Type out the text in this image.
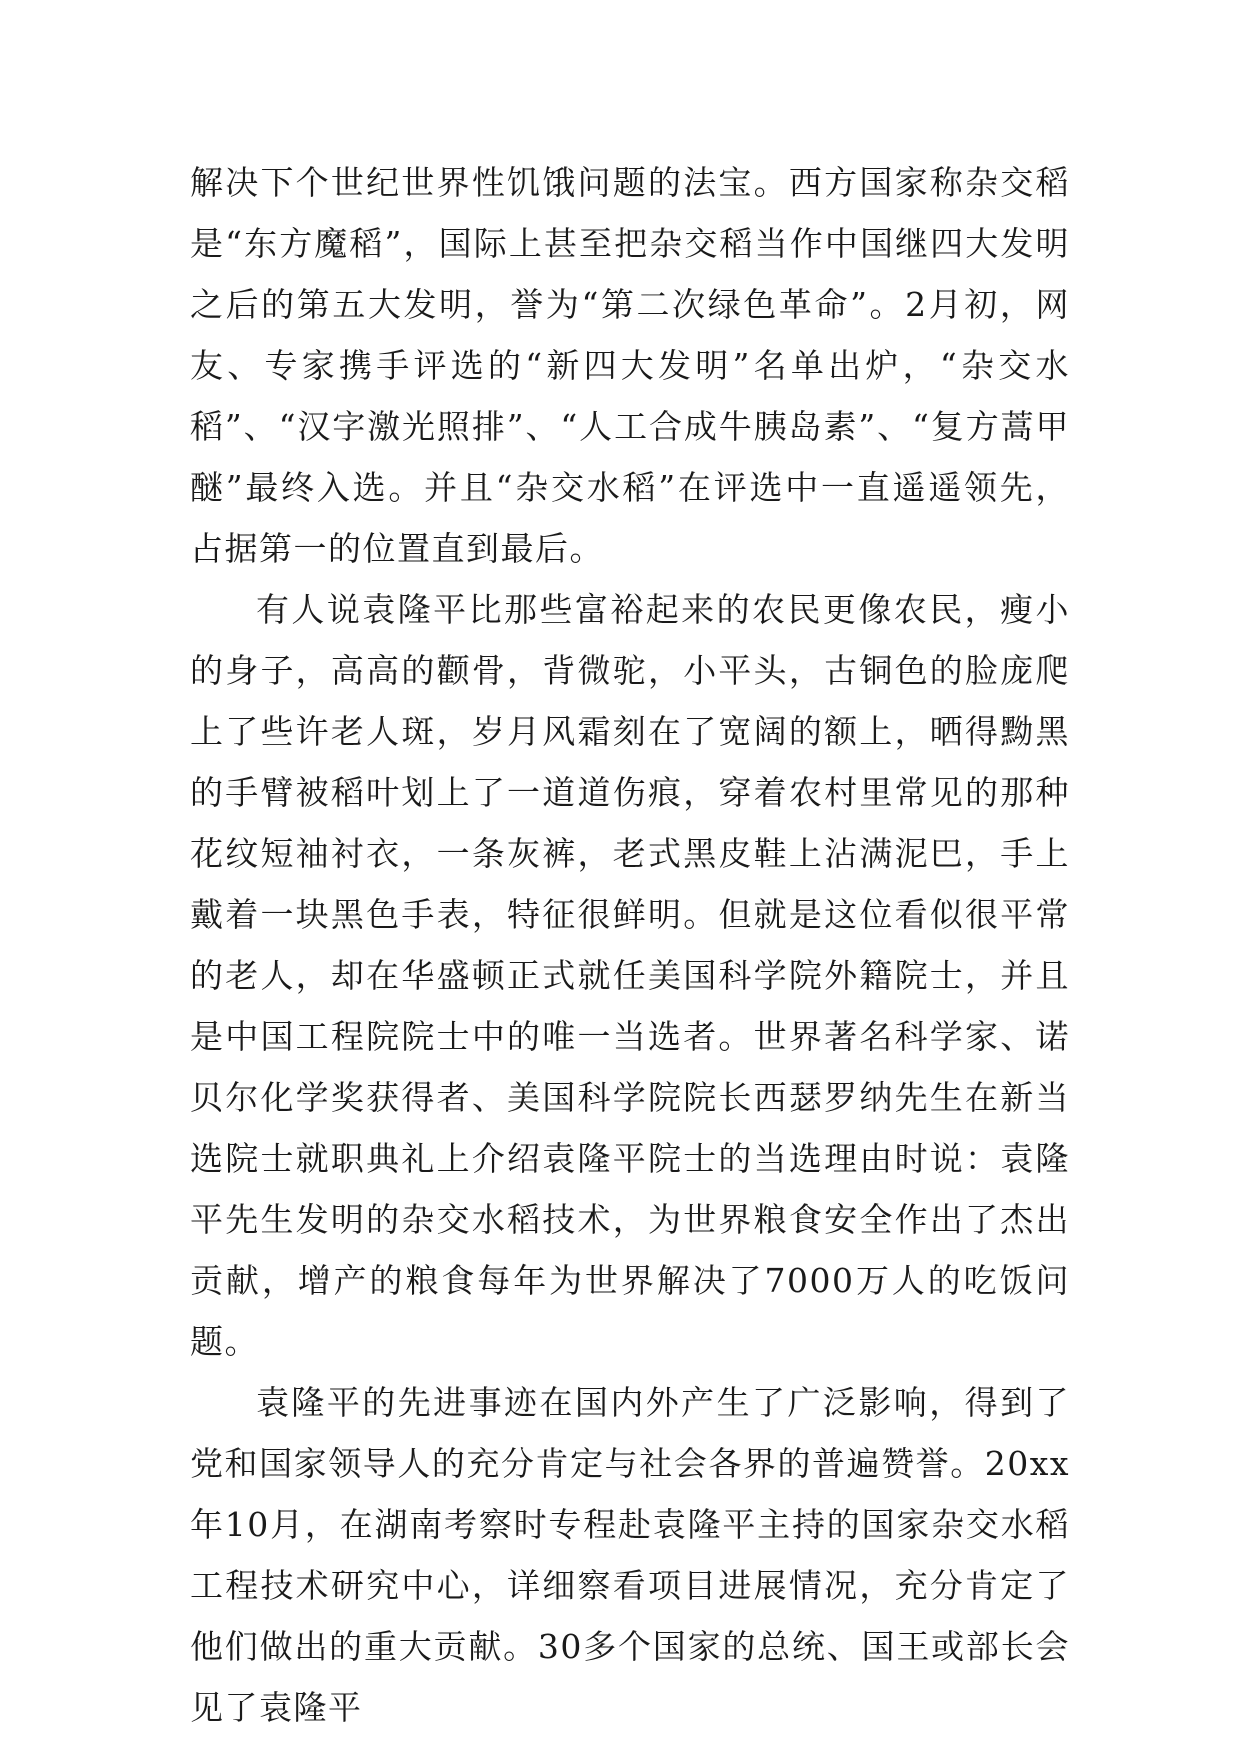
解决下个世纪世界性饥饿问题的法宝。西方国家称杂交稻是“东方魔稻”，国际上甚至把杂交稻当作中国继四大发明之后的第五大发明，誉为“第二次绿色革命”。2月初，网友、专家携手评选的“新四大发明”名单出炉，“杂交水稻”、“汉字激光照排”、“人工合成牛胰岛素”、“复方蒿甲醚”最终入选。并且“杂交水稻”在评选中一直遥遥领先，占据第一的位置直到最后。

有人说袁隆平比那些富裕起来的农民更像农民，瘦小的身子，高高的颧骨，背微驼，小平头，古铜色的脸庞爬上了些许老人斑，岁月风霜刻在了宽阔的额上，晒得黝黑的手臂被稻叶划上了一道道伤痕，穿着农村里常见的那种花纹短袖衬衣，一条灰裤，老式黑皮鞋上沾满泥巴，手上戴着一块黑色手表，特征很鲜明。但就是这位看似很平常的老人，却在华盛顿正式就任美国科学院外籍院士，并且是中国工程院院士中的唯一当选者。世界著名科学家、诺贝尔化学奖获得者、美国科学院院长西瑟罗纳先生在新当选院士就职典礼上介绍袁隆平院士的当选理由时说：袁隆平先生发明的杂交水稻技术，为世界粮食安全作出了杰出贡献，增产的粮食每年为世界解决了7000万人的吃饭问题。

袁隆平的先进事迹在国内外产生了广泛影响，得到了党和国家领导人的充分肯定与社会各界的普遍赞誉。20xx年10月，在湖南考察时专程赴袁隆平主持的国家杂交水稻工程技术研究中心，详细察看项目进展情况，充分肯定了他们做出的重大贡献。30多个国家的总统、国王或部长会见了袁隆平
